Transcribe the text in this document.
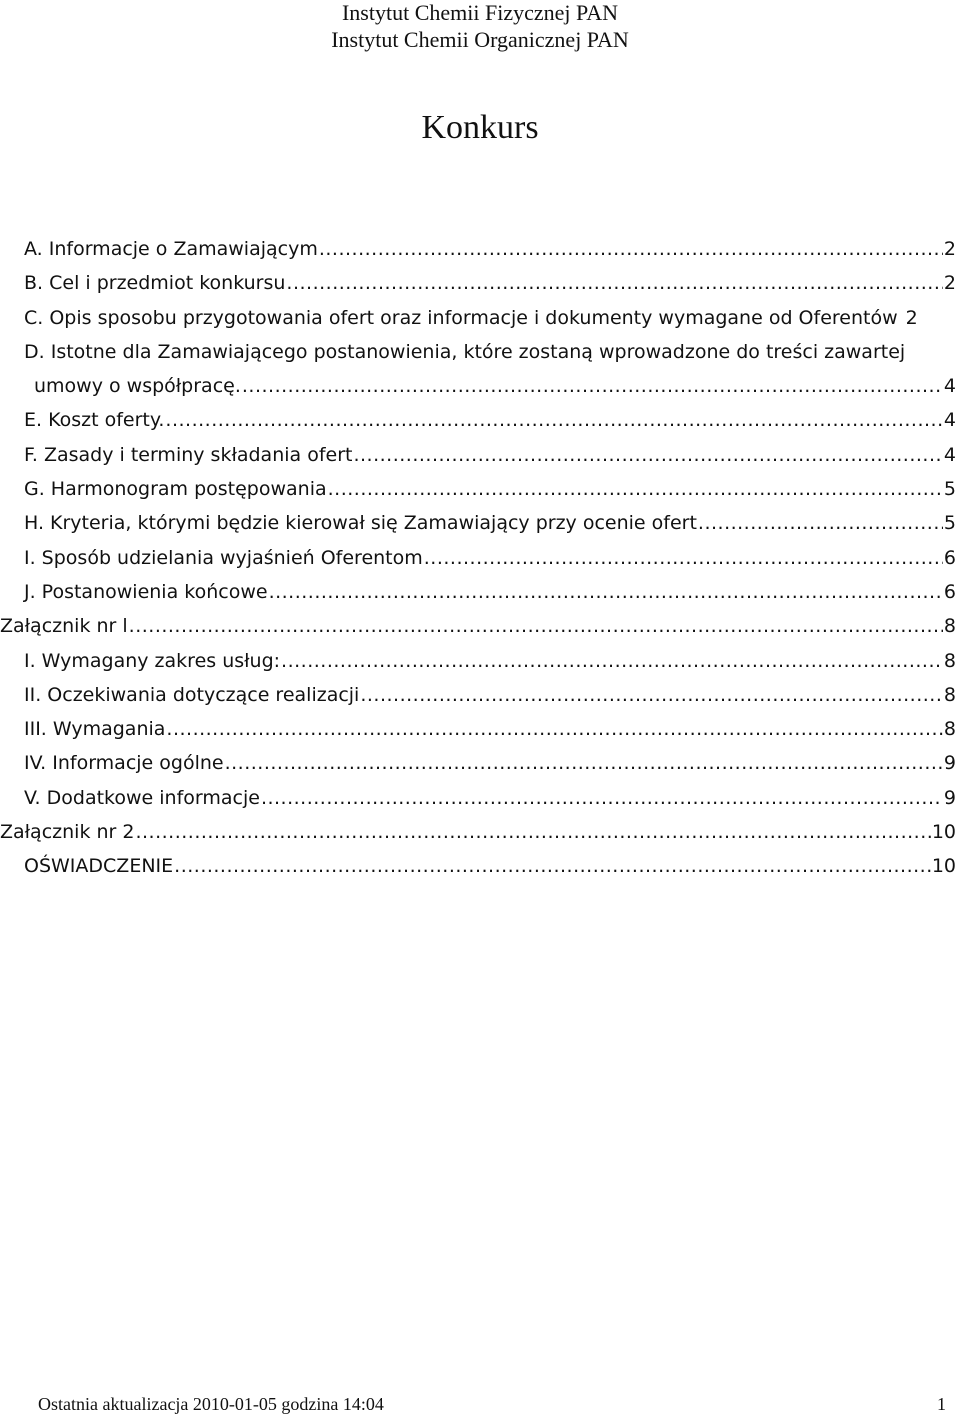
Instytut Chemii Fizycznej PAN
Instytut Chemii Organicznej PAN
Konkurs
A. Informacje o Zamawiającym .....	2
B. Cel i przedmiot konkursu .....	2
C. Opis sposobu przygotowania ofert oraz informacje i dokumenty wymagane od Oferentów 2
D. Istotne dla Zamawiającego postanowienia, które zostaną wprowadzone do treści zawartej
umowy o współpracę. .....	4
E. Koszt oferty. .....	4
F. Zasady i terminy składania ofert .....	4
G. Harmonogram postępowania .....	5
H. Kryteria, którymi będzie kierował się Zamawiający przy ocenie ofert .....	5
I. Sposób udzielania wyjaśnień Oferentom .....	6
J. Postanowienia końcowe .....	6
Załącznik nr l .....	8
I. Wymagany zakres usług: .....	8
II. Oczekiwania dotyczące realizacji .....	8
III. Wymagania .....	8
IV. Informacje ogólne .....	9
V. Dodatkowe informacje .....	9
Załącznik nr 2 .....	10
OŚWIADCZENIE .....	10
Ostatnia aktualizacja 2010-01-05 godzina 14:04	1
